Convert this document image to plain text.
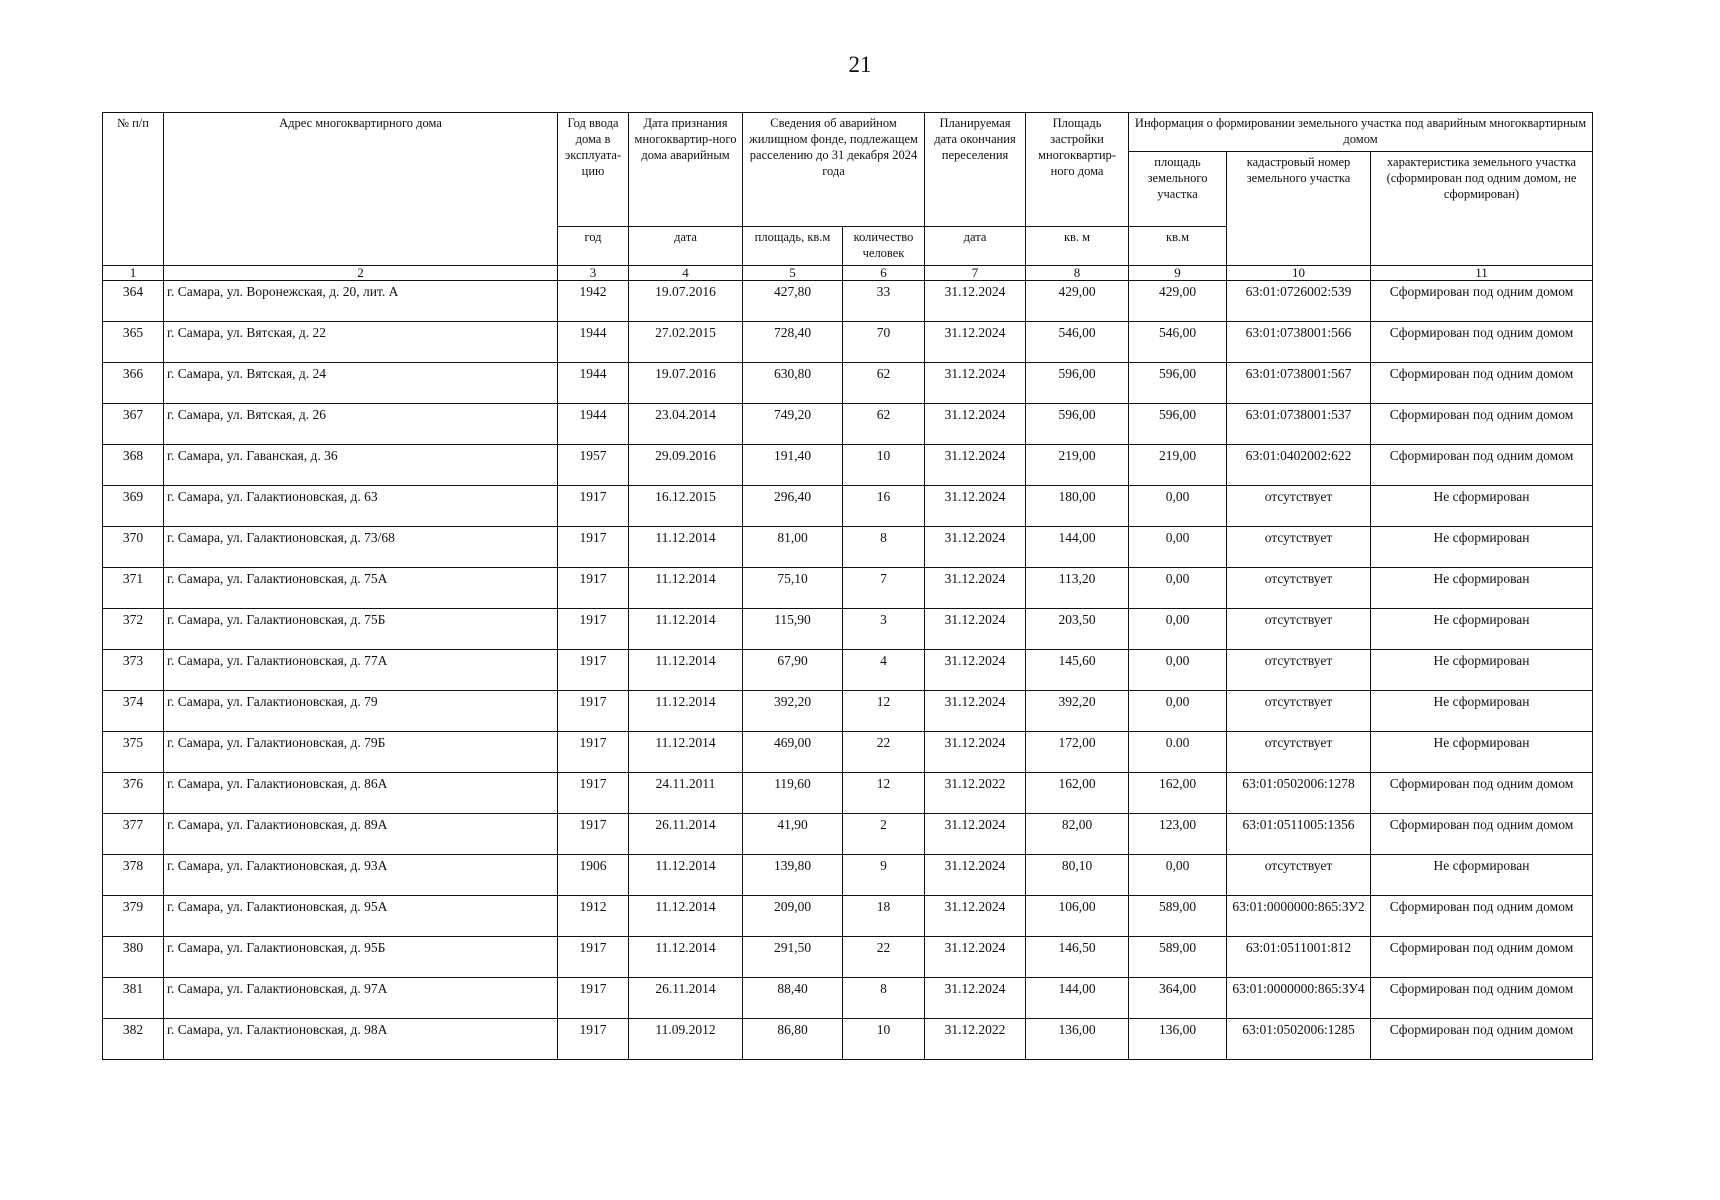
21
№ п/п	Адрес многоквартирного дома	Год ввода дома в эксплуата-цию	Дата признания многоквартир-ного дома аварийным	Сведения об аварийном жилищном фонде, подлежащем расселению до 31 декабря 2024 года		Планируемая дата окончания переселения	Площадь застройки многоквартир-ного дома	Информация о формировании земельного участка под аварийным многоквартирным домом		
								площадь земельного участка	кадастровый номер земельного участка	характеристика земельного участка (сформирован под одним домом, не сформирован)
		год	дата	площадь, кв.м	количество человек	дата	кв. м	кв.м		
1	2	3	4	5	6	7	8	9	10	11
364	г. Самара, ул. Воронежская, д. 20, лит. А	1942	19.07.2016	427,80	33	31.12.2024	429,00	429,00	63:01:0726002:539	Сформирован под одним домом
365	г. Самара, ул. Вятская, д. 22	1944	27.02.2015	728,40	70	31.12.2024	546,00	546,00	63:01:0738001:566	Сформирован под одним домом
366	г. Самара, ул. Вятская, д. 24	1944	19.07.2016	630,80	62	31.12.2024	596,00	596,00	63:01:0738001:567	Сформирован под одним домом
367	г. Самара, ул. Вятская, д. 26	1944	23.04.2014	749,20	62	31.12.2024	596,00	596,00	63:01:0738001:537	Сформирован под одним домом
368	г. Самара, ул. Гаванская, д. 36	1957	29.09.2016	191,40	10	31.12.2024	219,00	219,00	63:01:0402002:622	Сформирован под одним домом
369	г. Самара, ул. Галактионовская, д. 63	1917	16.12.2015	296,40	16	31.12.2024	180,00	0,00	отсутствует	Не сформирован
370	г. Самара, ул. Галактионовская, д. 73/68	1917	11.12.2014	81,00	8	31.12.2024	144,00	0,00	отсутствует	Не сформирован
371	г. Самара, ул. Галактионовская, д. 75А	1917	11.12.2014	75,10	7	31.12.2024	113,20	0,00	отсутствует	Не сформирован
372	г. Самара, ул. Галактионовская, д. 75Б	1917	11.12.2014	115,90	3	31.12.2024	203,50	0,00	отсутствует	Не сформирован
373	г. Самара, ул. Галактионовская, д. 77А	1917	11.12.2014	67,90	4	31.12.2024	145,60	0,00	отсутствует	Не сформирован
374	г. Самара, ул. Галактионовская, д. 79	1917	11.12.2014	392,20	12	31.12.2024	392,20	0,00	отсутствует	Не сформирован
375	г. Самара, ул. Галактионовская, д. 79Б	1917	11.12.2014	469,00	22	31.12.2024	172,00	0.00	отсутствует	Не сформирован
376	г. Самара, ул. Галактионовская, д. 86А	1917	24.11.2011	119,60	12	31.12.2022	162,00	162,00	63:01:0502006:1278	Сформирован под одним домом
377	г. Самара, ул. Галактионовская, д. 89А	1917	26.11.2014	41,90	2	31.12.2024	82,00	123,00	63:01:0511005:1356	Сформирован под одним домом
378	г. Самара, ул. Галактионовская, д. 93А	1906	11.12.2014	139,80	9	31.12.2024	80,10	0,00	отсутствует	Не сформирован
379	г. Самара, ул. Галактионовская, д. 95А	1912	11.12.2014	209,00	18	31.12.2024	106,00	589,00	63:01:0000000:865:ЗУ2	Сформирован под одним домом
380	г. Самара, ул. Галактионовская, д. 95Б	1917	11.12.2014	291,50	22	31.12.2024	146,50	589,00	63:01:0511001:812	Сформирован под одним домом
381	г. Самара, ул. Галактионовская, д. 97А	1917	26.11.2014	88,40	8	31.12.2024	144,00	364,00	63:01:0000000:865:ЗУ4	Сформирован под одним домом
382	г. Самара, ул. Галактионовская, д. 98А	1917	11.09.2012	86,80	10	31.12.2022	136,00	136,00	63:01:0502006:1285	Сформирован под одним домом
